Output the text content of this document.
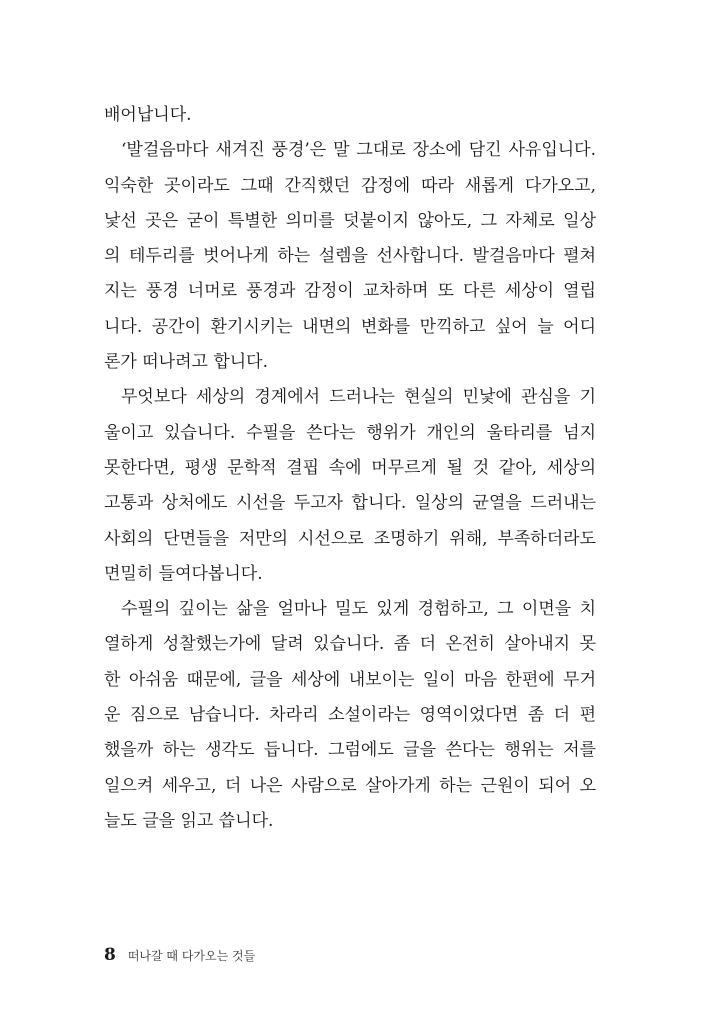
배어납니다.
‘발걸음마다 새겨진 풍경’은 말 그대로 장소에 담긴 사유입니다.
익숙한 곳이라도 그때 간직했던 감정에 따라 새롭게 다가오고,
낯선 곳은 굳이 특별한 의미를 덧붙이지 않아도, 그 자체로 일상
의 테두리를 벗어나게 하는 설렘을 선사합니다. 발걸음마다 펼쳐
지는 풍경 너머로 풍경과 감정이 교차하며 또 다른 세상이 열립
니다. 공간이 환기시키는 내면의 변화를 만끽하고 싶어 늘 어디
론가 떠나려고 합니다.
무엇보다 세상의 경계에서 드러나는 현실의 민낯에 관심을 기
울이고 있습니다. 수필을 쓴다는 행위가 개인의 울타리를 넘지
못한다면, 평생 문학적 결핍 속에 머무르게 될 것 같아, 세상의
고통과 상처에도 시선을 두고자 합니다. 일상의 균열을 드러내는
사회의 단면들을 저만의 시선으로 조명하기 위해, 부족하더라도
면밀히 들여다봅니다.
수필의 깊이는 삶을 얼마나 밀도 있게 경험하고, 그 이면을 치
열하게 성찰했는가에 달려 있습니다. 좀 더 온전히 살아내지 못
한 아쉬움 때문에, 글을 세상에 내보이는 일이 마음 한편에 무거
운 짐으로 남습니다. 차라리 소설이라는 영역이었다면 좀 더 편
했을까 하는 생각도 듭니다. 그럼에도 글을 쓴다는 행위는 저를
일으켜 세우고, 더 나은 사람으로 살아가게 하는 근원이 되어 오
늘도 글을 읽고 씁니다.
8 떠나갈 때 다가오는 것들
